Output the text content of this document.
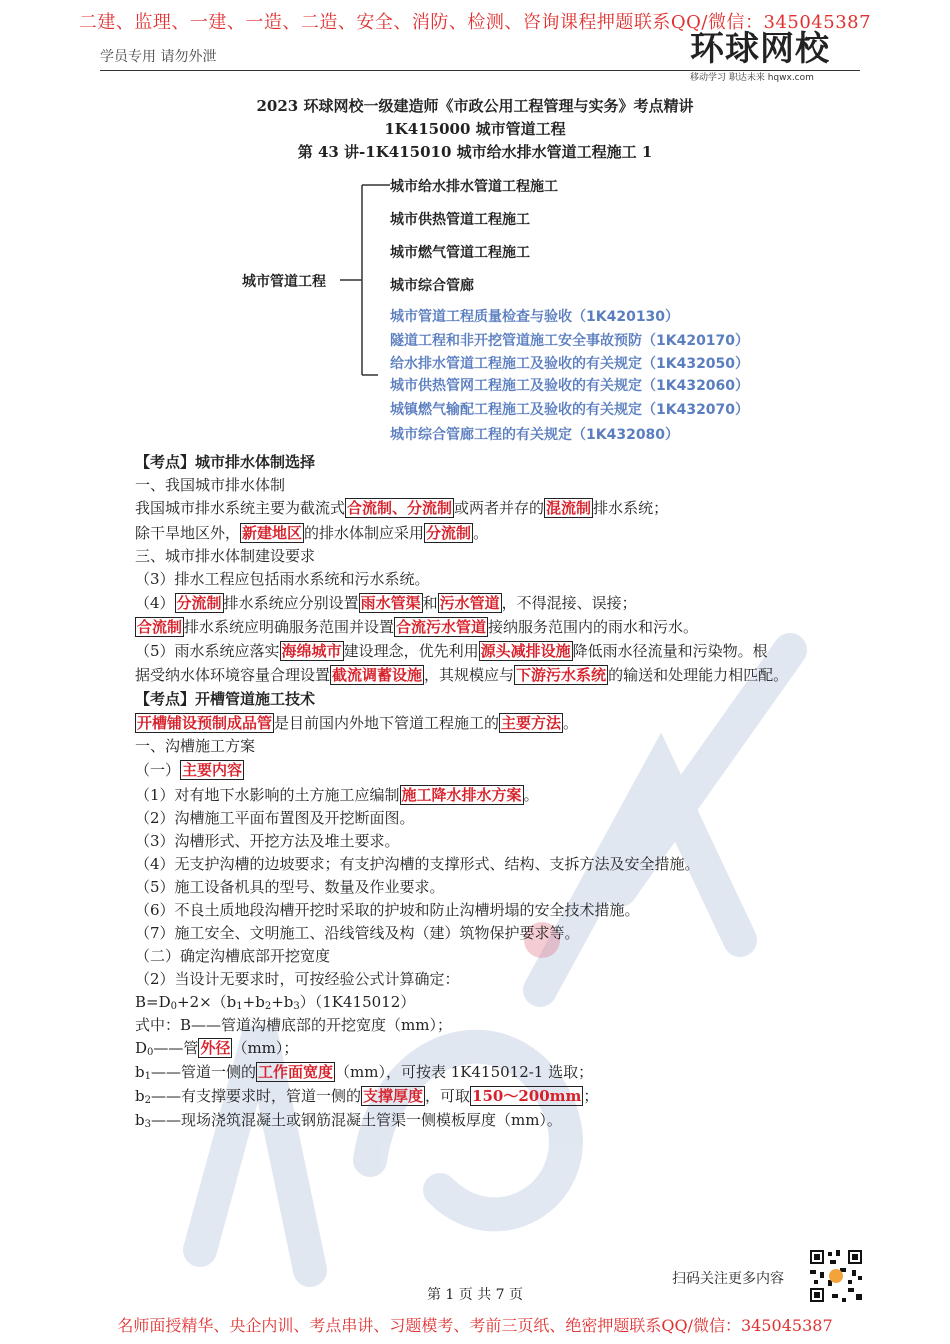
二建、监理、一建、一造、二造、安全、消防、检测、咨询课程押题联系QQ/微信：345045387
学员专用 请勿外泄	环球网校
移动学习 职达未来 hqwx.com
2023 环球网校一级建造师《市政公用工程管理与实务》考点精讲
1K415000 城市管道工程
第 43 讲-1K415010 城市给水排水管道工程施工 1
城市管道工程
城市给水排水管道工程施工
城市供热管道工程施工
城市燃气管道工程施工
城市综合管廊
城市管道工程质量检查与验收（1K420130）
隧道工程和非开挖管道施工安全事故预防（1K420170）
给水排水管道工程施工及验收的有关规定（1K432050）
城市供热管网工程施工及验收的有关规定（1K432060）
城镇燃气输配工程施工及验收的有关规定（1K432070）
城市综合管廊工程的有关规定（1K432080）
【考点】城市排水体制选择
一、我国城市排水体制
我国城市排水系统主要为截流式 合流制、分流制 或两者并存的 混流制 排水系统；
除干旱地区外， 新建地区 的排水体制应采用 分流制 。
三、城市排水体制建设要求
（3）排水工程应包括雨水系统和污水系统。
（4） 分流制 排水系统应分别设置 雨水管渠 和 污水管道 ，不得混接、误接；
合流制 排水系统应明确服务范围并设置 合流污水管道 接纳服务范围内的雨水和污水。
（5）雨水系统应落实 海绵城市 建设理念，优先利用 源头减排设施 降低雨水径流量和污染物。根
据受纳水体环境容量合理设置 截流调蓄设施 ，其规模应与 下游污水系统 的输送和处理能力相匹配。
【考点】开槽管道施工技术
开槽铺设预制成品管 是目前国内外地下管道工程施工的 主要方法 。
一、沟槽施工方案
（一） 主要内容
（1）对有地下水影响的土方施工应编制 施工降水排水方案 。
（2）沟槽施工平面布置图及开挖断面图。
（3）沟槽形式、开挖方法及堆土要求。
（4）无支护沟槽的边坡要求；有支护沟槽的支撑形式、结构、支拆方法及安全措施。
（5）施工设备机具的型号、数量及作业要求。
（6）不良土质地段沟槽开挖时采取的护坡和防止沟槽坍塌的安全技术措施。
（7）施工安全、文明施工、沿线管线及构（建）筑物保护要求等。
（二）确定沟槽底部开挖宽度
（2）当设计无要求时，可按经验公式计算确定：
B=D0+2×（b1+b2+b3）（1K415012）
式中：B——管道沟槽底部的开挖宽度（mm）；
D0——管 外径 （mm）；
b1——管道一侧的 工作面宽度 （mm），可按表 1K415012-1 选取；
b2——有支撑要求时，管道一侧的 支撑厚度 ，可取 150～200mm ；
b3——现场浇筑混凝土或钢筋混凝土管渠一侧模板厚度（mm）。
扫码关注更多内容
第 1 页 共 7 页
名师面授精华、央企内训、考点串讲、习题模考、考前三页纸、绝密押题联系QQ/微信：345045387
